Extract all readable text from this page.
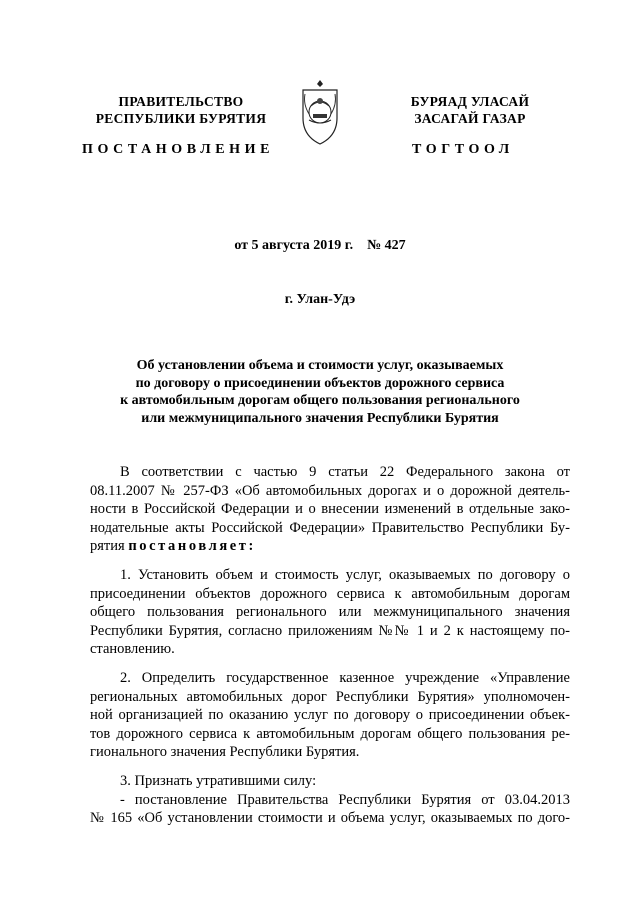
ПРАВИТЕЛЬСТВО
РЕСПУБЛИКИ БУРЯТИЯ
БУРЯАД УЛАСАЙ
ЗАСАГАЙ ГАЗАР
ПОСТАНОВЛЕНИЕ	ТОГТООЛ
от 5 августа 2019 г. № 427
г. Улан-Удэ
Об установлении объема и стоимости услуг, оказываемых
по договору о присоединении объектов дорожного сервиса
к автомобильным дорогам общего пользования регионального
или межмуниципального значения Республики Бурятия
В соответствии с частью 9 статьи 22 Федерального закона от
08.11.2007 № 257-ФЗ «Об автомобильных дорогах и о дорожной деятель-
ности в Российской Федерации и о внесении изменений в отдельные зако-
нодательные акты Российской Федерации» Правительство Республики Бу-
рятия постановляет:
1. Установить объем и стоимость услуг, оказываемых по договору о
присоединении объектов дорожного сервиса к автомобильным дорогам
общего пользования регионального или межмуниципального значения
Республики Бурятия, согласно приложениям №№ 1 и 2 к настоящему по-
становлению.
2. Определить государственное казенное учреждение «Управление
региональных автомобильных дорог Республики Бурятия» уполномочен-
ной организацией по оказанию услуг по договору о присоединении объек-
тов дорожного сервиса к автомобильным дорогам общего пользования ре-
гионального значения Республики Бурятия.
3. Признать утратившими силу:
- постановление Правительства Республики Бурятия от 03.04.2013
№ 165 «Об установлении стоимости и объема услуг, оказываемых по дого-
